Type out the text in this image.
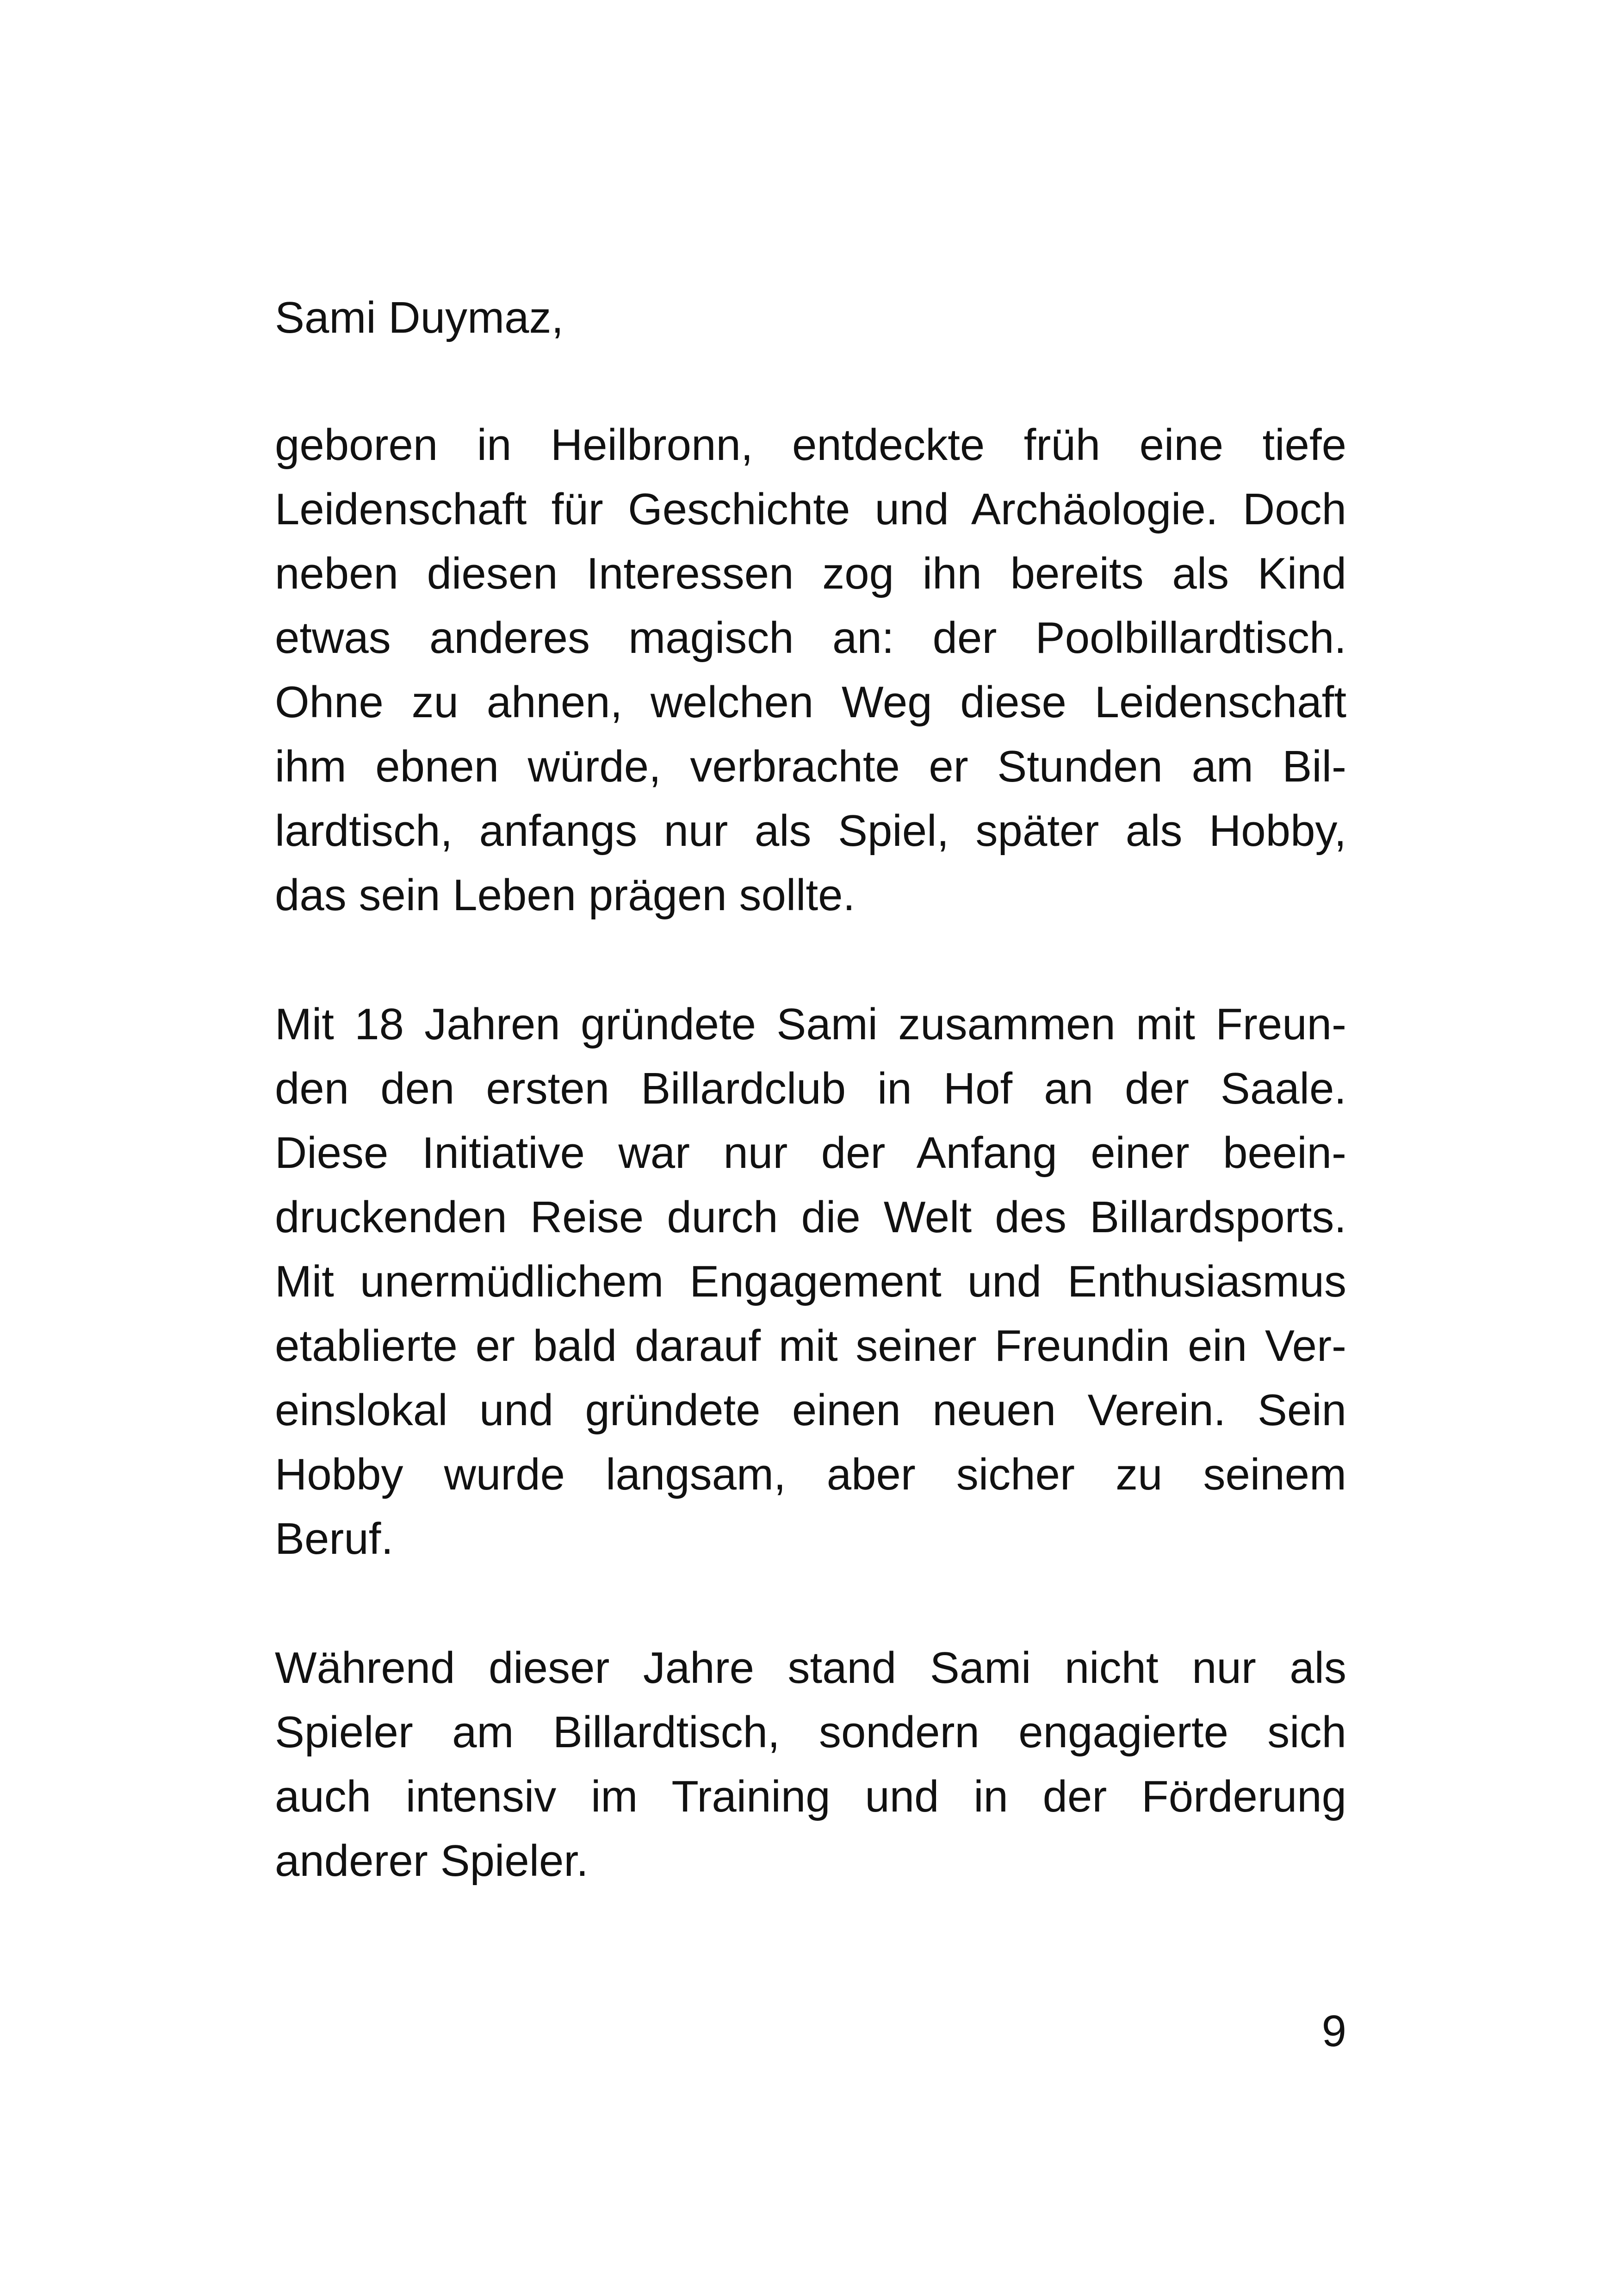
Sami Duymaz,

geboren in Heilbronn, entdeckte früh eine tiefe

Leidenschaft für Geschichte und Archäologie. Doch

neben diesen Interessen zog ihn bereits als Kind

etwas anderes magisch an: der Poolbillardtisch.

Ohne zu ahnen, welchen Weg diese Leidenschaft

ihm ebnen würde, verbrachte er Stunden am Bil-

lardtisch, anfangs nur als Spiel, später als Hobby,

das sein Leben prägen sollte.

Mit 18 Jahren gründete Sami zusammen mit Freun-

den den ersten Billardclub in Hof an der Saale.

Diese Initiative war nur der Anfang einer beein-

druckenden Reise durch die Welt des Billardsports.

Mit unermüdlichem Engagement und Enthusiasmus

etablierte er bald darauf mit seiner Freundin ein Ver-

einslokal und gründete einen neuen Verein. Sein

Hobby wurde langsam, aber sicher zu seinem

Beruf.

Während dieser Jahre stand Sami nicht nur als

Spieler am Billardtisch, sondern engagierte sich

auch intensiv im Training und in der Förderung

anderer Spieler.

9
